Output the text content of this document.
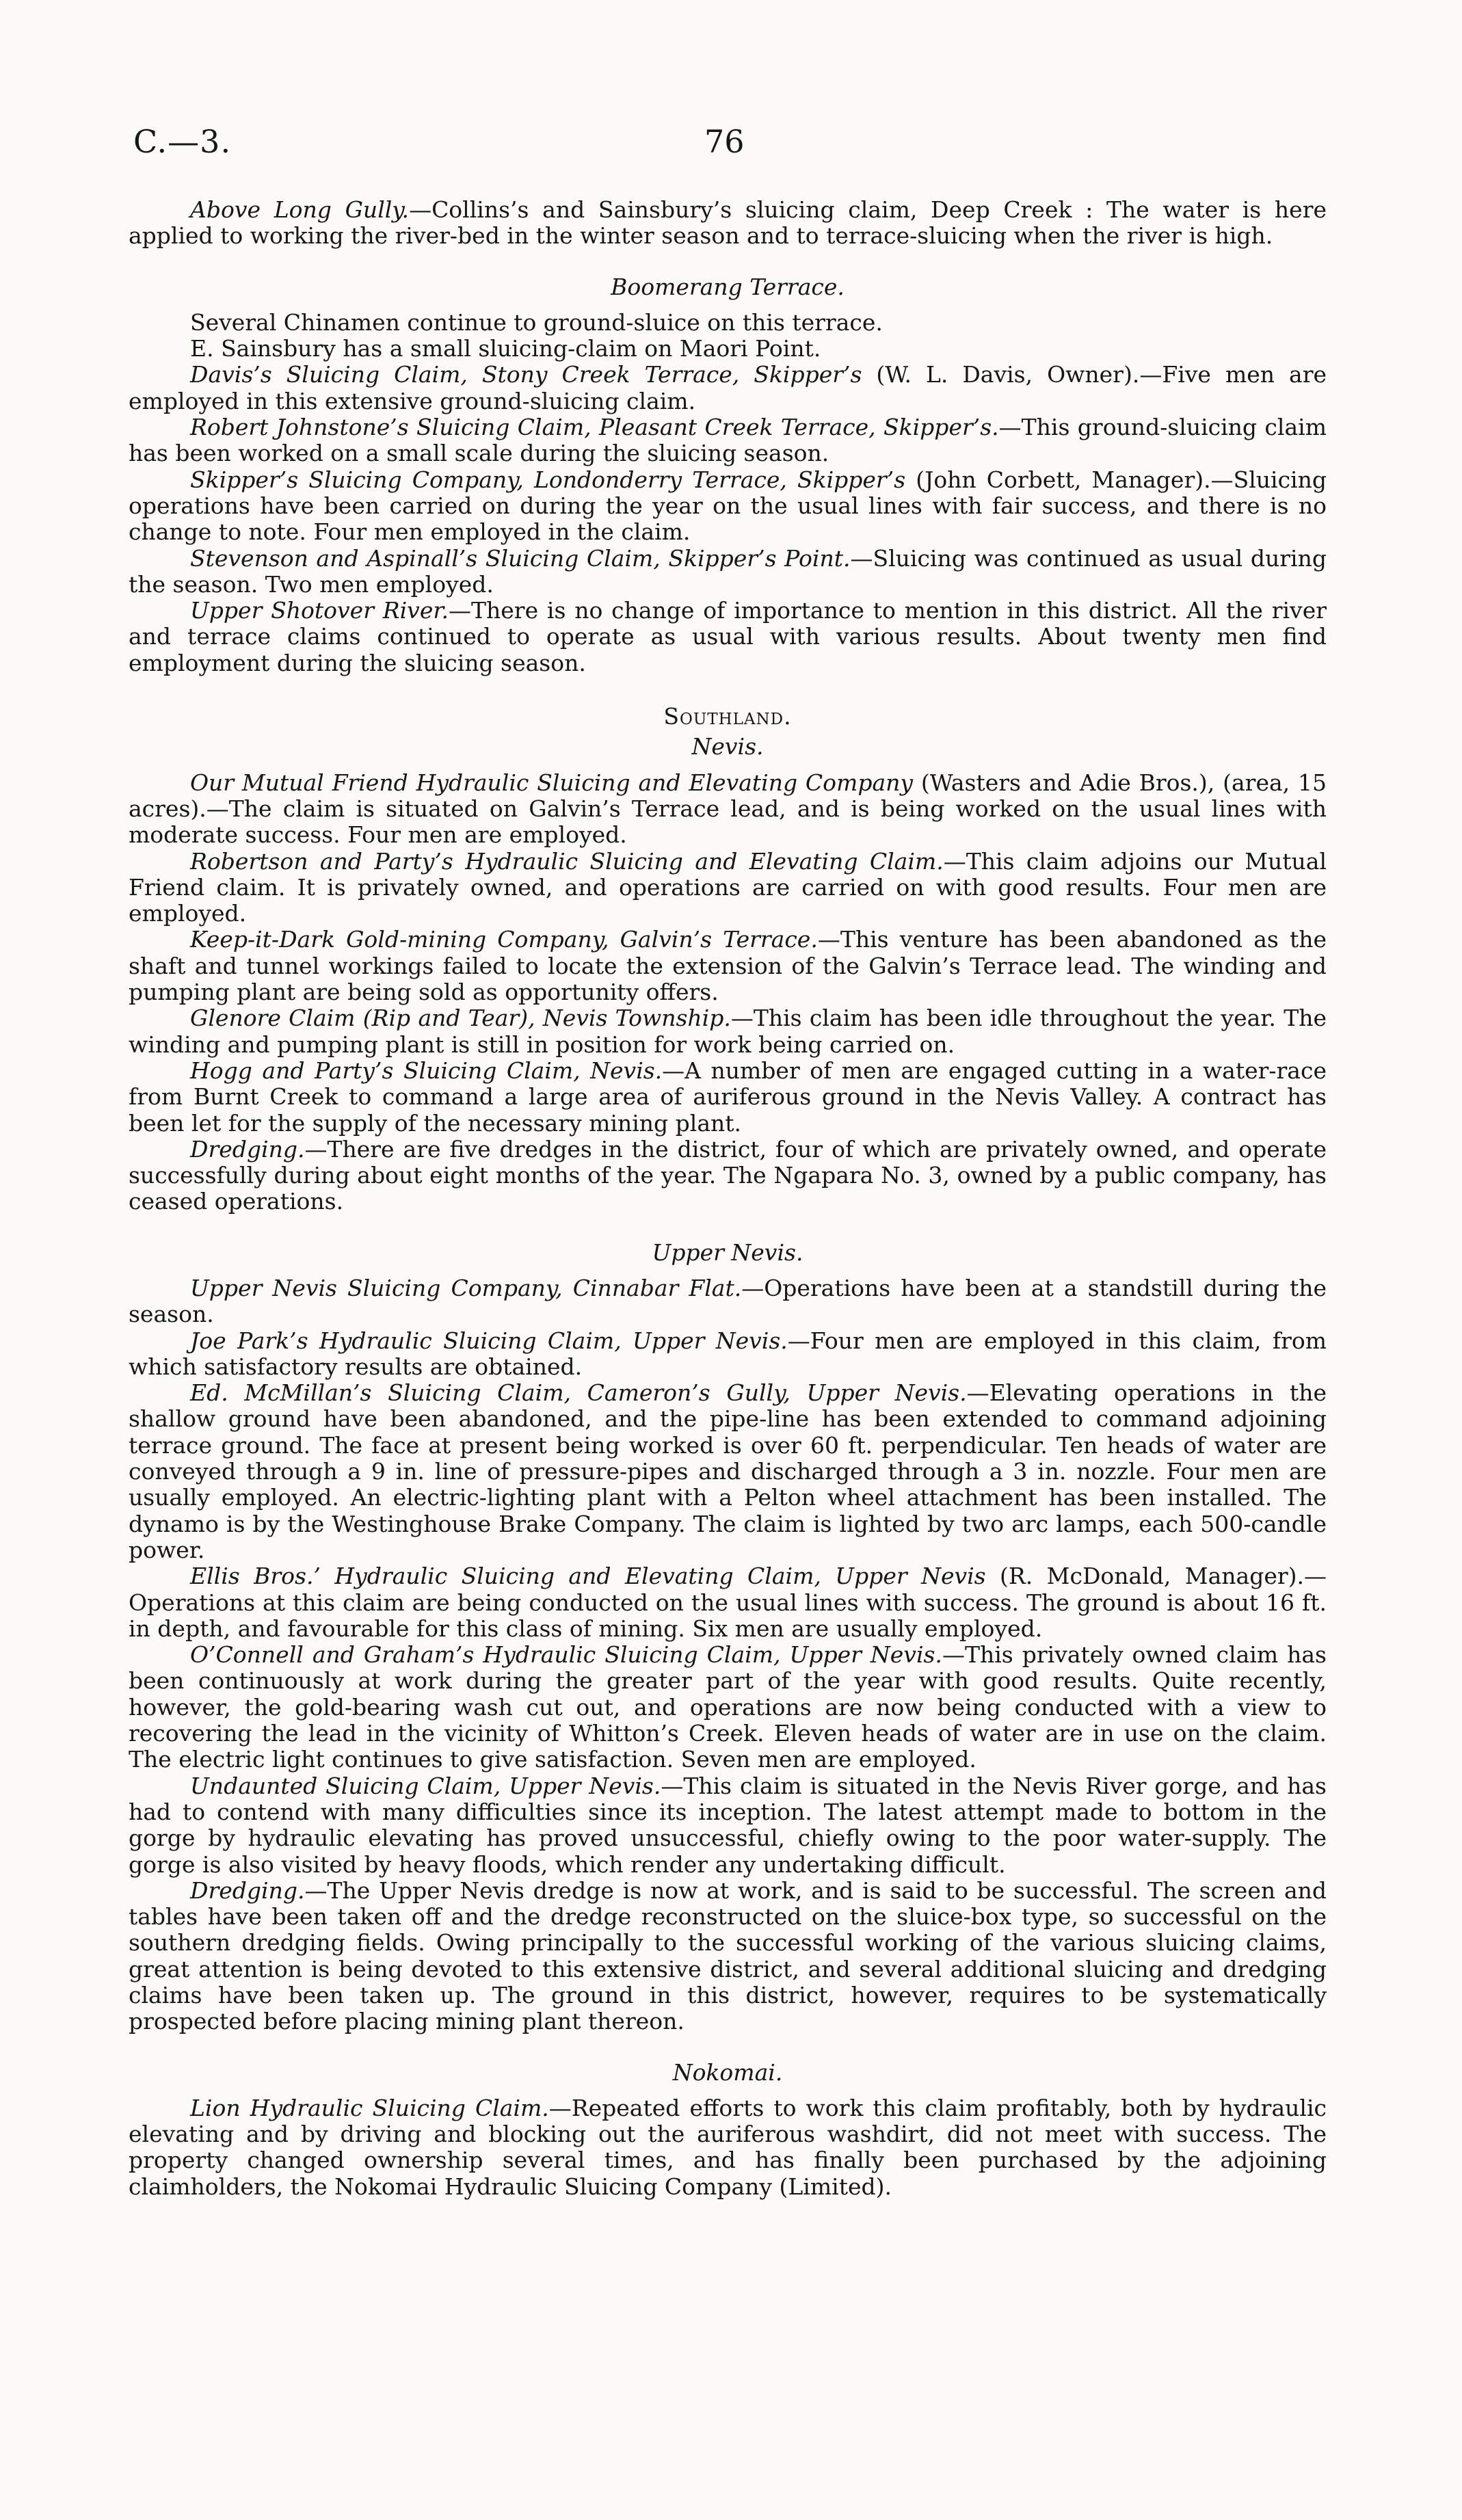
C.—3.	76

Above Long Gully.—Collins’s and Sainsbury’s sluicing claim, Deep Creek : The water is here applied to working the river-bed in the winter season and to terrace-sluicing when the river is high.

Boomerang Terrace.

Several Chinamen continue to ground-sluice on this terrace.

E. Sainsbury has a small sluicing-claim on Maori Point.

Davis’s Sluicing Claim, Stony Creek Terrace, Skipper’s (W. L. Davis, Owner).—Five men are employed in this extensive ground-sluicing claim.

Robert Johnstone’s Sluicing Claim, Pleasant Creek Terrace, Skipper’s.—This ground-sluicing claim has been worked on a small scale during the sluicing season.

Skipper’s Sluicing Company, Londonderry Terrace, Skipper’s (John Corbett, Manager).—Sluicing operations have been carried on during the year on the usual lines with fair success, and there is no change to note. Four men employed in the claim.

Stevenson and Aspinall’s Sluicing Claim, Skipper’s Point.—Sluicing was continued as usual during the season. Two men employed.

Upper Shotover River.—There is no change of importance to mention in this district. All the river and terrace claims continued to operate as usual with various results. About twenty men find employment during the sluicing season.

Southland.
Nevis.

Our Mutual Friend Hydraulic Sluicing and Elevating Company (Wasters and Adie Bros.), (area, 15 acres).—The claim is situated on Galvin’s Terrace lead, and is being worked on the usual lines with moderate success. Four men are employed.

Robertson and Party’s Hydraulic Sluicing and Elevating Claim.—This claim adjoins our Mutual Friend claim. It is privately owned, and operations are carried on with good results. Four men are employed.

Keep-it-Dark Gold-mining Company, Galvin’s Terrace.—This venture has been abandoned as the shaft and tunnel workings failed to locate the extension of the Galvin’s Terrace lead. The winding and pumping plant are being sold as opportunity offers.

Glenore Claim (Rip and Tear), Nevis Township.—This claim has been idle throughout the year. The winding and pumping plant is still in position for work being carried on.

Hogg and Party’s Sluicing Claim, Nevis.—A number of men are engaged cutting in a water-race from Burnt Creek to command a large area of auriferous ground in the Nevis Valley. A contract has been let for the supply of the necessary mining plant.

Dredging.—There are five dredges in the district, four of which are privately owned, and operate successfully during about eight months of the year. The Ngapara No. 3, owned by a public company, has ceased operations.

Upper Nevis.

Upper Nevis Sluicing Company, Cinnabar Flat.—Operations have been at a standstill during the season.

Joe Park’s Hydraulic Sluicing Claim, Upper Nevis.—Four men are employed in this claim, from which satisfactory results are obtained.

Ed. McMillan’s Sluicing Claim, Cameron’s Gully, Upper Nevis.—Elevating operations in the shallow ground have been abandoned, and the pipe-line has been extended to command adjoining terrace ground. The face at present being worked is over 60 ft. perpendicular. Ten heads of water are conveyed through a 9 in. line of pressure-pipes and discharged through a 3 in. nozzle. Four men are usually employed. An electric-lighting plant with a Pelton wheel attachment has been installed. The dynamo is by the Westinghouse Brake Company. The claim is lighted by two arc lamps, each 500-candle power.

Ellis Bros.’ Hydraulic Sluicing and Elevating Claim, Upper Nevis (R. McDonald, Manager).—Operations at this claim are being conducted on the usual lines with success. The ground is about 16 ft. in depth, and favourable for this class of mining. Six men are usually employed.

O’Connell and Graham’s Hydraulic Sluicing Claim, Upper Nevis.—This privately owned claim has been continuously at work during the greater part of the year with good results. Quite recently, however, the gold-bearing wash cut out, and operations are now being conducted with a view to recovering the lead in the vicinity of Whitton’s Creek. Eleven heads of water are in use on the claim. The electric light continues to give satisfaction. Seven men are employed.

Undaunted Sluicing Claim, Upper Nevis.—This claim is situated in the Nevis River gorge, and has had to contend with many difficulties since its inception. The latest attempt made to bottom in the gorge by hydraulic elevating has proved unsuccessful, chiefly owing to the poor water-supply. The gorge is also visited by heavy floods, which render any undertaking difficult.

Dredging.—The Upper Nevis dredge is now at work, and is said to be successful. The screen and tables have been taken off and the dredge reconstructed on the sluice-box type, so successful on the southern dredging fields. Owing principally to the successful working of the various sluicing claims, great attention is being devoted to this extensive district, and several additional sluicing and dredging claims have been taken up. The ground in this district, however, requires to be systematically prospected before placing mining plant thereon.

Nokomai.

Lion Hydraulic Sluicing Claim.—Repeated efforts to work this claim profitably, both by hydraulic elevating and by driving and blocking out the auriferous washdirt, did not meet with success. The property changed ownership several times, and has finally been purchased by the adjoining claimholders, the Nokomai Hydraulic Sluicing Company (Limited).
